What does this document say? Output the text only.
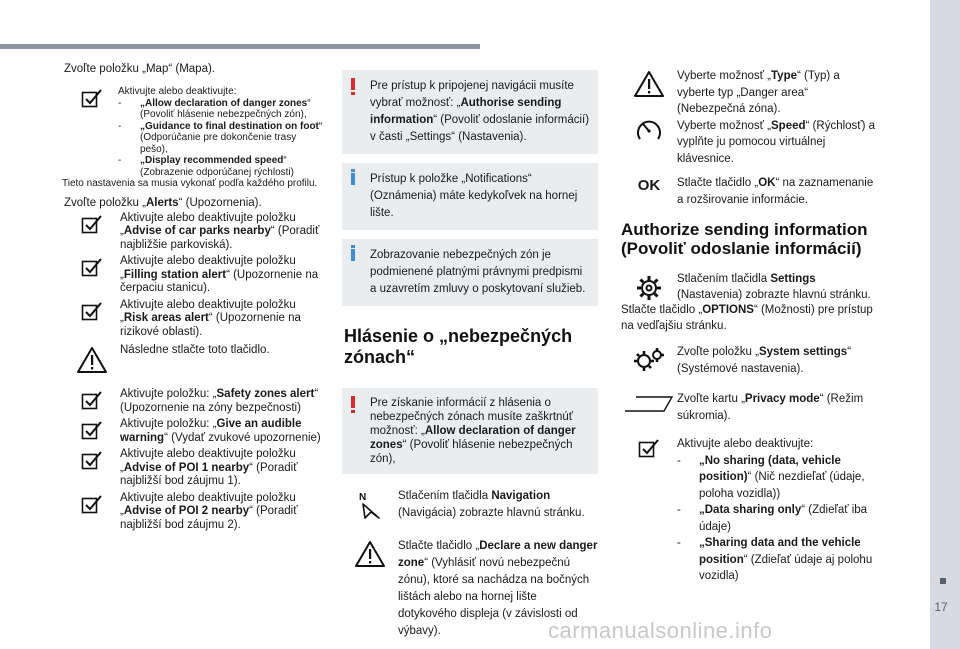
17
carmanualsonline.info
Zvoľte položku „Map“ (Mapa).
Aktivujte alebo deaktivujte:
-	„Allow declaration of danger zones“ (Povoliť hlásenie nebezpečných zón),
-	„Guidance to final destination on foot“ (Odporúčanie pre dokončenie trasy pešo),
-	„Display recommended speed“ (Zobrazenie odporúčanej rýchlosti)
Tieto nastavenia sa musia vykonať podľa každého profilu.
Zvoľte položku „Alerts“ (Upozornenia).
Aktivujte alebo deaktivujte položku „Advise of car parks nearby“ (Poradiť najbližšie parkoviská).
Aktivujte alebo deaktivujte položku „Filling station alert“ (Upozornenie na čerpaciu stanicu).
Aktivujte alebo deaktivujte položku „Risk areas alert“ (Upozornenie na rizikové oblasti).
Následne stlačte toto tlačidlo.
Aktivujte položku: „Safety zones alert“ (Upozornenie na zóny bezpečnosti)
Aktivujte položku: „Give an audible warning“ (Vydať zvukové upozornenie)
Aktivujte alebo deaktivujte položku „Advise of POI 1 nearby“ (Poradiť najbližší bod záujmu 1).
Aktivujte alebo deaktivujte položku „Advise of POI 2 nearby“ (Poradiť najbližší bod záujmu 2).
Pre prístup k pripojenej navigácii musíte vybrať možnosť: „Authorise sending information“ (Povoliť odoslanie informácií) v časti „Settings“ (Nastavenia).
Prístup k položke „Notifications“ (Oznámenia) máte kedykoľvek na hornej lište.
Zobrazovanie nebezpečných zón je podmienené platnými právnymi predpismi a uzavretím zmluvy o poskytovaní služieb.
Hlásenie o „nebezpečných zónach“
Pre získanie informácií z hlásenia o nebezpečných zónach musíte zaškrtnúť možnosť: „Allow declaration of danger zones“ (Povoliť hlásenie nebezpečných zón),
N	Stlačením tlačidla Navigation (Navigácia) zobrazte hlavnú stránku.
Stlačte tlačidlo „Declare a new danger zone“ (Vyhlásiť novú nebezpečnú zónu), ktoré sa nachádza na bočných lištách alebo na hornej lište dotykového displeja (v závislosti od výbavy).
Vyberte možnosť „Type“ (Typ) a vyberte typ „Danger area“ (Nebezpečná zóna).
Vyberte možnosť „Speed“ (Rýchlosť) a vyplňte ju pomocou virtuálnej klávesnice.
OK Stlačte tlačidlo „OK“ na zaznamenanie a rozširovanie informácie.
Authorize sending information (Povoliť odoslanie informácií)
Stlačením tlačidla Settings (Nastavenia) zobrazte hlavnú stránku.
Stlačte tlačidlo „OPTIONS“ (Možnosti) pre prístup na vedľajšiu stránku.
Zvoľte položku „System settings“ (Systémové nastavenia).
Zvoľte kartu „Privacy mode“ (Režim súkromia).
Aktivujte alebo deaktivujte:
-	„No sharing (data, vehicle position)“ (Nič nezdieľať (údaje, poloha vozidla))
-	„Data sharing only“ (Zdieľať iba údaje)
-	„Sharing data and the vehicle position“ (Zdieľať údaje aj polohu vozidla)
